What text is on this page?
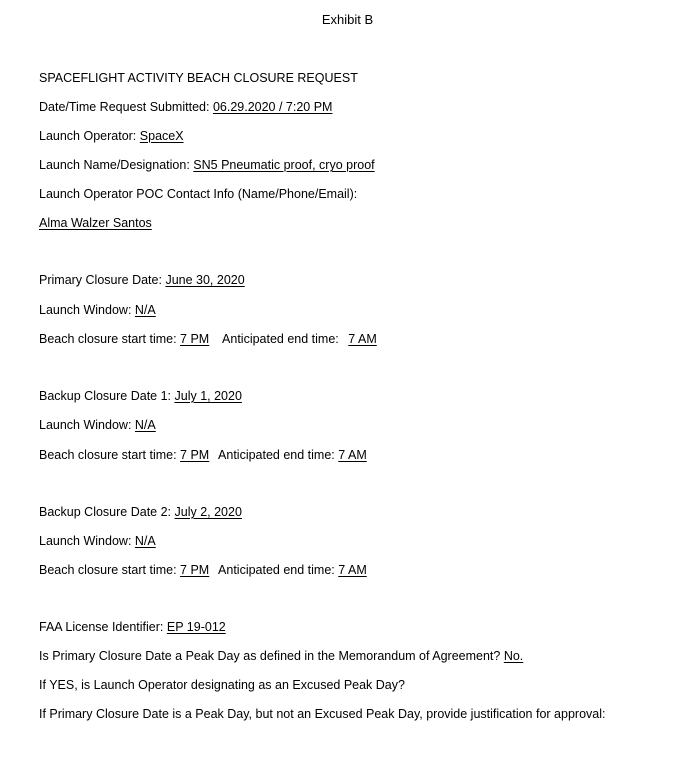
Exhibit B
SPACEFLIGHT ACTIVITY BEACH CLOSURE REQUEST
Date/Time Request Submitted: 06.29.2020 / 7:20 PM
Launch Operator: SpaceX
Launch Name/Designation: SN5 Pneumatic proof, cryo proof
Launch Operator POC Contact Info (Name/Phone/Email):
Alma Walzer Santos
Primary Closure Date: June 30, 2020
Launch Window: N/A
Beach closure start time: 7 PM Anticipated end time: 7 AM
Backup Closure Date 1: July 1, 2020
Launch Window: N/A
Beach closure start time: 7 PM Anticipated end time: 7 AM
Backup Closure Date 2: July 2, 2020
Launch Window: N/A
Beach closure start time: 7 PM Anticipated end time: 7 AM
FAA License Identifier: EP 19-012
Is Primary Closure Date a Peak Day as defined in the Memorandum of Agreement? No.
If YES, is Launch Operator designating as an Excused Peak Day?
If Primary Closure Date is a Peak Day, but not an Excused Peak Day, provide justification for approval:
